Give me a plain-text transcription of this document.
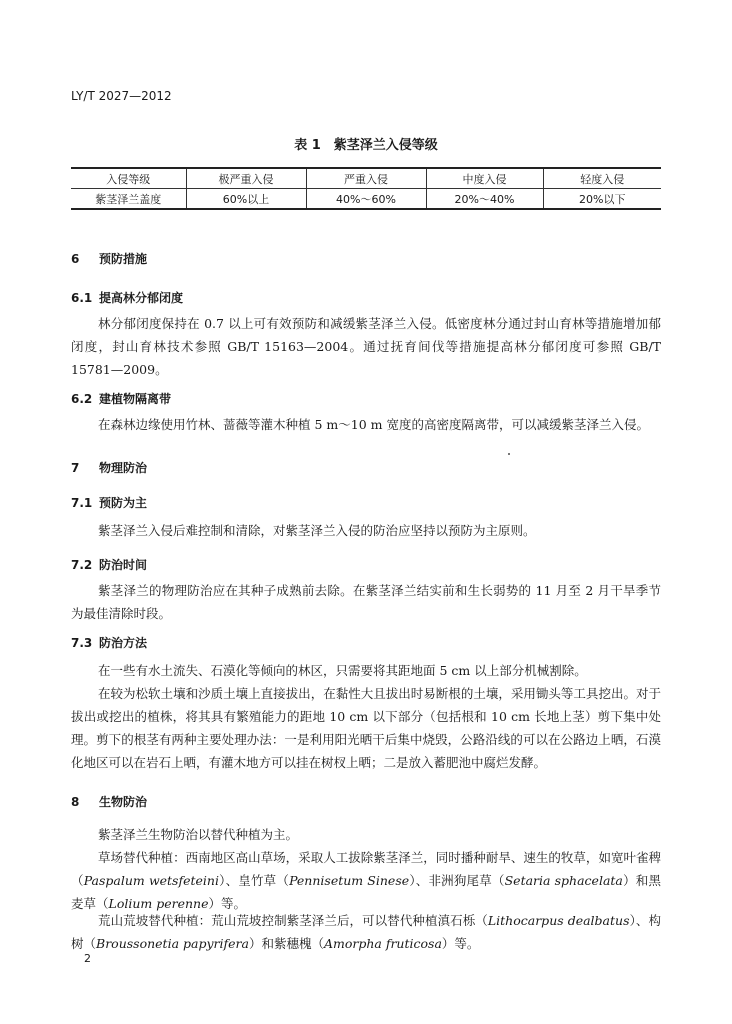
LY/T 2027—2012
表 1　紫茎泽兰入侵等级
入侵等级	极严重入侵	严重入侵	中度入侵	轻度入侵
紫茎泽兰盖度	60%以上	40%～60%	20%～40%	20%以下
6 预防措施
6.1 提高林分郁闭度
林分郁闭度保持在 0.7 以上可有效预防和减缓紫茎泽兰入侵。低密度林分通过封山育林等措施增加郁闭度，封山育林技术参照 GB/T 15163—2004。通过抚育间伐等措施提高林分郁闭度可参照 GB/T 15781—2009。
6.2 建植物隔离带
在森林边缘使用竹林、蔷薇等灌木种植 5 m～10 m 宽度的高密度隔离带，可以减缓紫茎泽兰入侵。
7 物理防治
7.1 预防为主
紫茎泽兰入侵后难控制和清除，对紫茎泽兰入侵的防治应坚持以预防为主原则。
7.2 防治时间
紫茎泽兰的物理防治应在其种子成熟前去除。在紫茎泽兰结实前和生长弱势的 11 月至 2 月干旱季节为最佳清除时段。
7.3 防治方法
在一些有水土流失、石漠化等倾向的林区，只需要将其距地面 5 cm 以上部分机械割除。
在较为松软土壤和沙质土壤上直接拔出，在黏性大且拔出时易断根的土壤，采用锄头等工具挖出。对于拔出或挖出的植株，将其具有繁殖能力的距地 10 cm 以下部分（包括根和 10 cm 长地上茎）剪下集中处理。剪下的根茎有两种主要处理办法：一是利用阳光晒干后集中烧毁，公路沿线的可以在公路边上晒，石漠化地区可以在岩石上晒，有灌木地方可以挂在树杈上晒；二是放入蓄肥池中腐烂发酵。
8 生物防治
紫茎泽兰生物防治以替代种植为主。
草场替代种植：西南地区高山草场，采取人工拔除紫茎泽兰，同时播种耐旱、速生的牧草，如宽叶雀稗（Paspalum wetsfeteini）、皇竹草（Pennisetum Sinese）、非洲狗尾草（Setaria sphacelata）和黑麦草（Lolium perenne）等。
荒山荒坡替代种植：荒山荒坡控制紫茎泽兰后，可以替代种植滇石栎（Lithocarpus dealbatus）、构树（Broussonetia papyrifera）和紫穗槐（Amorpha fruticosa）等。
2
